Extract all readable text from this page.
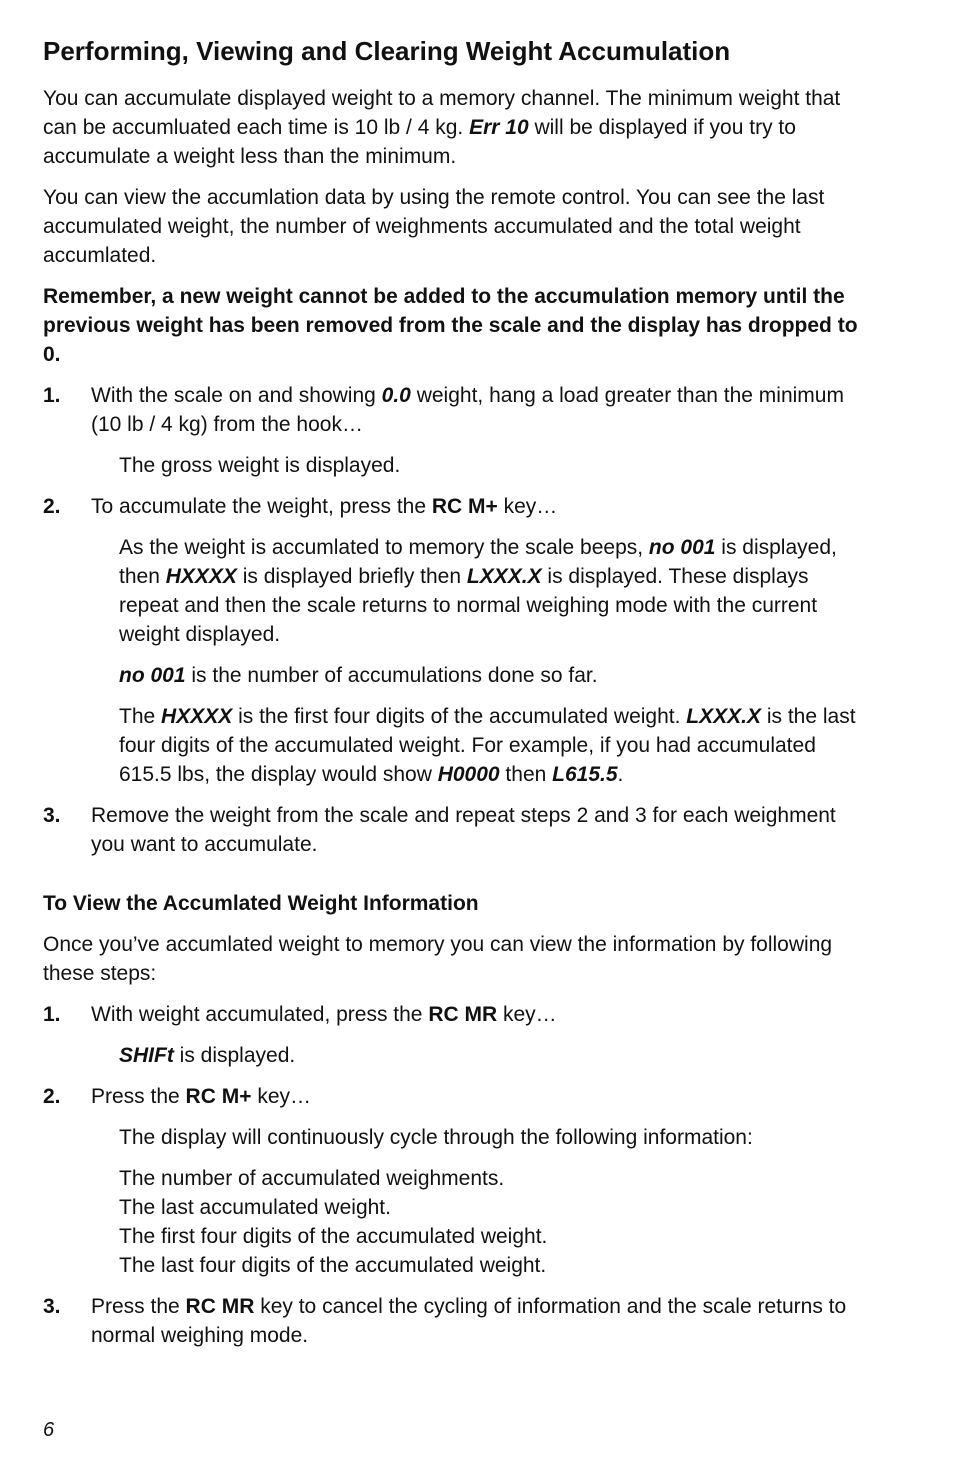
Performing, Viewing and Clearing Weight Accumulation

You can accumulate displayed weight to a memory channel. The minimum weight that can be accumluated each time is 10 lb / 4 kg. Err 10 will be displayed if you try to accumulate a weight less than the minimum.

You can view the accumlation data by using the remote control. You can see the last accumulated weight, the number of weighments accumulated and the total weight accumlated.

Remember, a new weight cannot be added to the accumulation memory until the previous weight has been removed from the scale and the display has dropped to 0.

1.	With the scale on and showing 0.0 weight, hang a load greater than the minimum (10 lb / 4 kg) from the hook…

The gross weight is displayed.

2.	To accumulate the weight, press the RC M+ key…

As the weight is accumlated to memory the scale beeps, no 001 is displayed, then HXXXX is displayed briefly then LXXX.X is displayed. These displays repeat and then the scale returns to normal weighing mode with the current weight displayed.

no 001 is the number of accumulations done so far.

The HXXXX is the first four digits of the accumulated weight. LXXX.X is the last four digits of the accumulated weight. For example, if you had accumulated 615.5 lbs, the display would show H0000 then L615.5.

3.	Remove the weight from the scale and repeat steps 2 and 3 for each weighment you want to accumulate.
To View the Accumlated Weight Information

Once you’ve accumlated weight to memory you can view the information by following these steps:

1.	With weight accumulated, press the RC MR key…

SHIFt is displayed.

2.	Press the RC M+ key…

The display will continuously cycle through the following information:

The number of accumulated weighments.
The last accumulated weight.
The first four digits of the accumulated weight.
The last four digits of the accumulated weight.
3.	Press the RC MR key to cancel the cycling of information and the scale returns to normal weighing mode.
6
